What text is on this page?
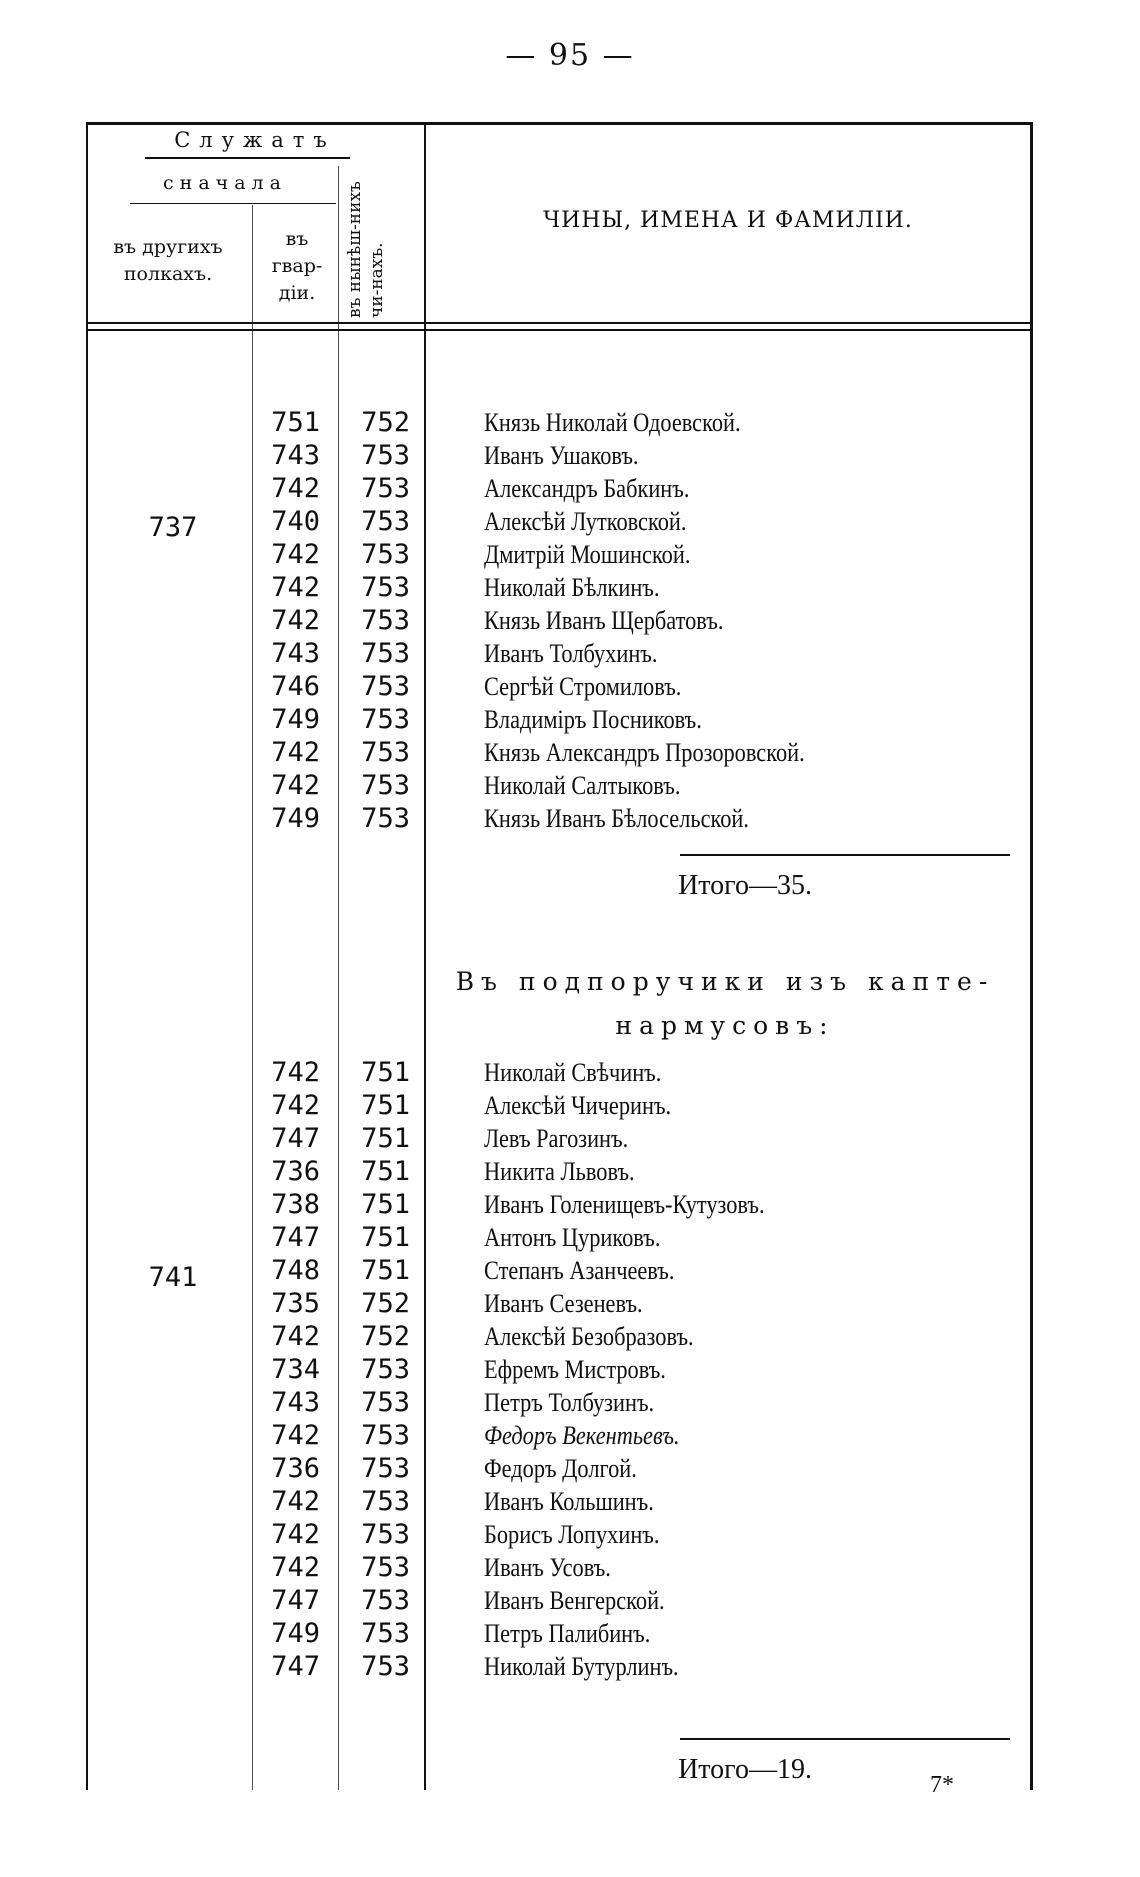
— 95 —
Служатъ
сначала
въ другихъ полкахъ.
въ гвар-діи.	въ нынѣш-нихъ чи-нахъ.
ЧИНЫ, ИМЕНА И ФАМИЛІИ.
737
751	752	Князь Николай Одоевской.
743	753	Иванъ Ушаковъ.
742	753	Александръ Бабкинъ.
740	753	Алексѣй Лутковской.
742	753	Дмитрій Мошинской.
742	753	Николай Бѣлкинъ.
742	753	Князь Иванъ Щербатовъ.
743	753	Иванъ Толбухинъ.
746	753	Сергѣй Стромиловъ.
749	753	Владиміръ Посниковъ.
742	753	Князь Александръ Прозоровской.
742	753	Николай Салтыковъ.
749	753	Князь Иванъ Бѣлосельской.
Итого—35.
Въ подпоручики изъ капте-
нармусовъ:
741
742	751	Николай Свѣчинъ.
742	751	Алексѣй Чичеринъ.
747	751	Левъ Рагозинъ.
736	751	Никита Львовъ.
738	751	Иванъ Голенищевъ-Кутузовъ.
747	751	Антонъ Цуриковъ.
748	751	Степанъ Азанчеевъ.
735	752	Иванъ Сезеневъ.
742	752	Алексѣй Безобразовъ.
734	753	Ефремъ Мистровъ.
743	753	Петръ Толбузинъ.
742	753	Федоръ Векентьевъ.
736	753	Федоръ Долгой.
742	753	Иванъ Кольшинъ.
742	753	Борисъ Лопухинъ.
742	753	Иванъ Усовъ.
747	753	Иванъ Венгерской.
749	753	Петръ Палибинъ.
747	753	Николай Бутурлинъ.
Итого—19.	7*
